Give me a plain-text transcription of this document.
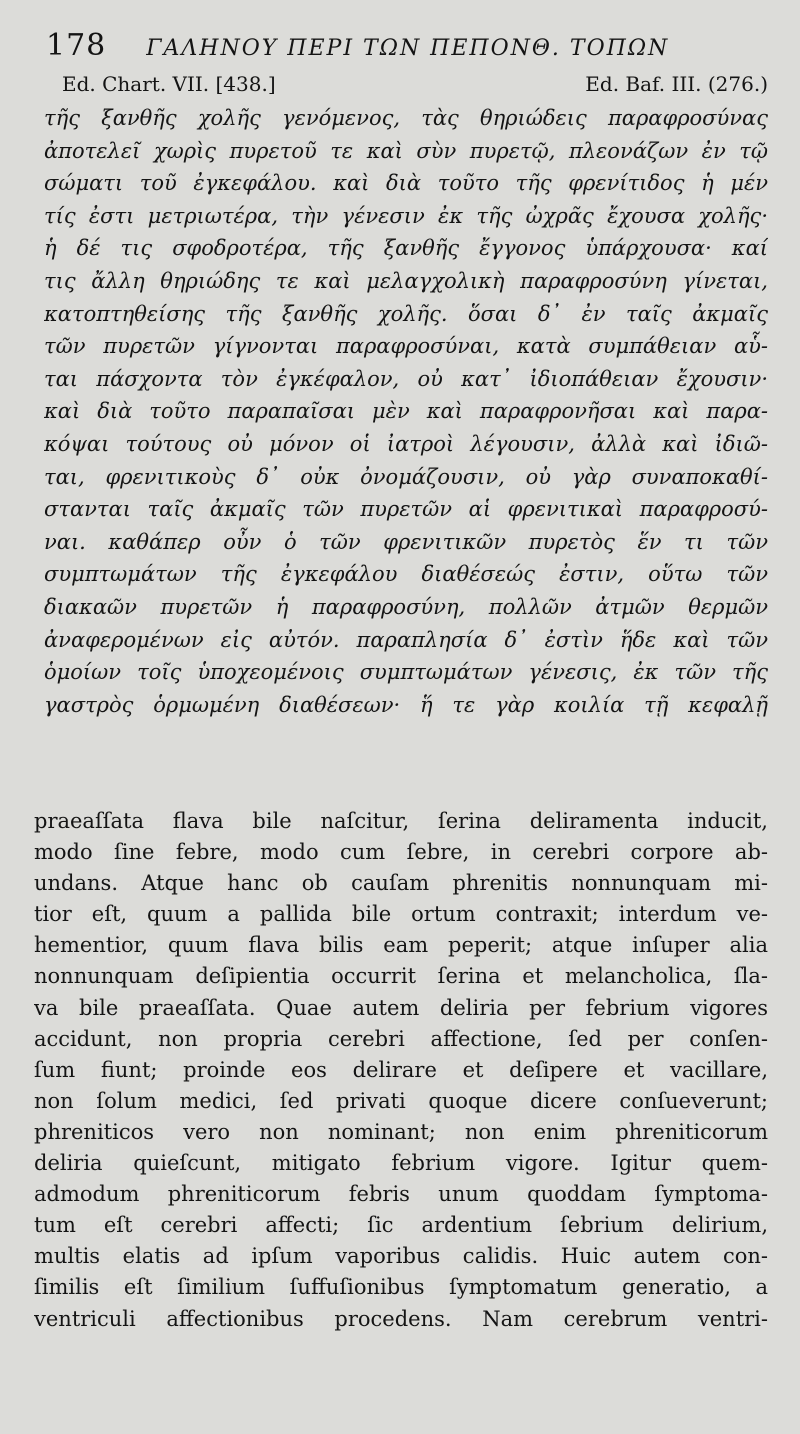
178 ΓΑΛΗΝΟΥ ΠΕΡΙ ΤΩΝ ΠΕΠΟΝΘ. ΤΟΠΩΝ
Ed. Chart. VII. [438.]	Ed. Baf. III. (276.)
τῆς ξανθῆς χολῆς γενόμενος, τὰς θηριώδεις παραφροσύνας
ἀποτελεῖ χωρὶς πυρετοῦ τε καὶ σὺν πυρετῷ, πλεονάζων ἐν τῷ
σώματι τοῦ ἐγκεφάλου. καὶ διὰ τοῦτο τῆς φρενίτιδος ἡ μέν
τίς ἐστι μετριωτέρα, τὴν γένεσιν ἐκ τῆς ὠχρᾶς ἔχουσα χολῆς·
ἡ δέ τις σφοδροτέρα, τῆς ξανθῆς ἔγγονος ὑπάρχουσα· καί
τις ἄλλη θηριώδης τε καὶ μελαγχολικὴ παραφροσύνη γίνεται,
κατοπτηθείσης τῆς ξανθῆς χολῆς. ὅσαι δ᾽ ἐν ταῖς ἀκμαῖς
τῶν πυρετῶν γίγνονται παραφροσύναι, κατὰ συμπάθειαν αὗ-
ται πάσχοντα τὸν ἐγκέφαλον, οὐ κατ᾽ ἰδιοπάθειαν ἔχουσιν·
καὶ διὰ τοῦτο παραπαῖσαι μὲν καὶ παραφρονῆσαι καὶ παρα-
κόψαι τούτους οὐ μόνον οἱ ἰατροὶ λέγουσιν, ἀλλὰ καὶ ἰδιῶ-
ται, φρενιτικοὺς δ᾽ οὐκ ὀνομάζουσιν, οὐ γὰρ συναποκαθί-
στανται ταῖς ἀκμαῖς τῶν πυρετῶν αἱ φρενιτικαὶ παραφροσύ-
ναι. καθάπερ οὖν ὁ τῶν φρενιτικῶν πυρετὸς ἕν τι τῶν
συμπτωμάτων τῆς ἐγκεφάλου διαθέσεώς ἐστιν, οὕτω τῶν
διακαῶν πυρετῶν ἡ παραφροσύνη, πολλῶν ἀτμῶν θερμῶν
ἀναφερομένων εἰς αὐτόν. παραπλησία δ᾽ ἐστὶν ἥδε καὶ τῶν
ὁμοίων τοῖς ὑποχεομένοις συμπτωμάτων γένεσις, ἐκ τῶν τῆς
γαστρὸς ὁρμωμένη διαθέσεων· ἥ τε γὰρ κοιλία τῇ κεφαλῇ
praeaſſata flava bile naſcitur, ſerina deliramenta inducit,
modo ſine febre, modo cum ſebre, in cerebri corpore ab-
undans. Atque hanc ob cauſam phrenitis nonnunquam mi-
tior eſt, quum a pallida bile ortum contraxit; interdum ve-
hementior, quum flava bilis eam peperit; atque inſuper alia
nonnunquam deſipientia occurrit ſerina et melancholica, ſla-
va bile praeaſſata. Quae autem deliria per febrium vigores
accidunt, non propria cerebri affectione, ſed per conſen-
ſum fiunt; proinde eos delirare et deſipere et vacillare,
non ſolum medici, ſed privati quoque dicere conſueverunt;
phreniticos vero non nominant; non enim phreniticorum
deliria quieſcunt, mitigato febrium vigore. Igitur quem-
admodum phreniticorum febris unum quoddam ſymptoma-
tum eſt cerebri affecti; ſic ardentium ſebrium delirium,
multis elatis ad ipſum vaporibus calidis. Huic autem con-
ſimilis eſt ſimilium ſuffuſionibus ſymptomatum generatio, a
ventriculi affectionibus procedens. Nam cerebrum ventri-
